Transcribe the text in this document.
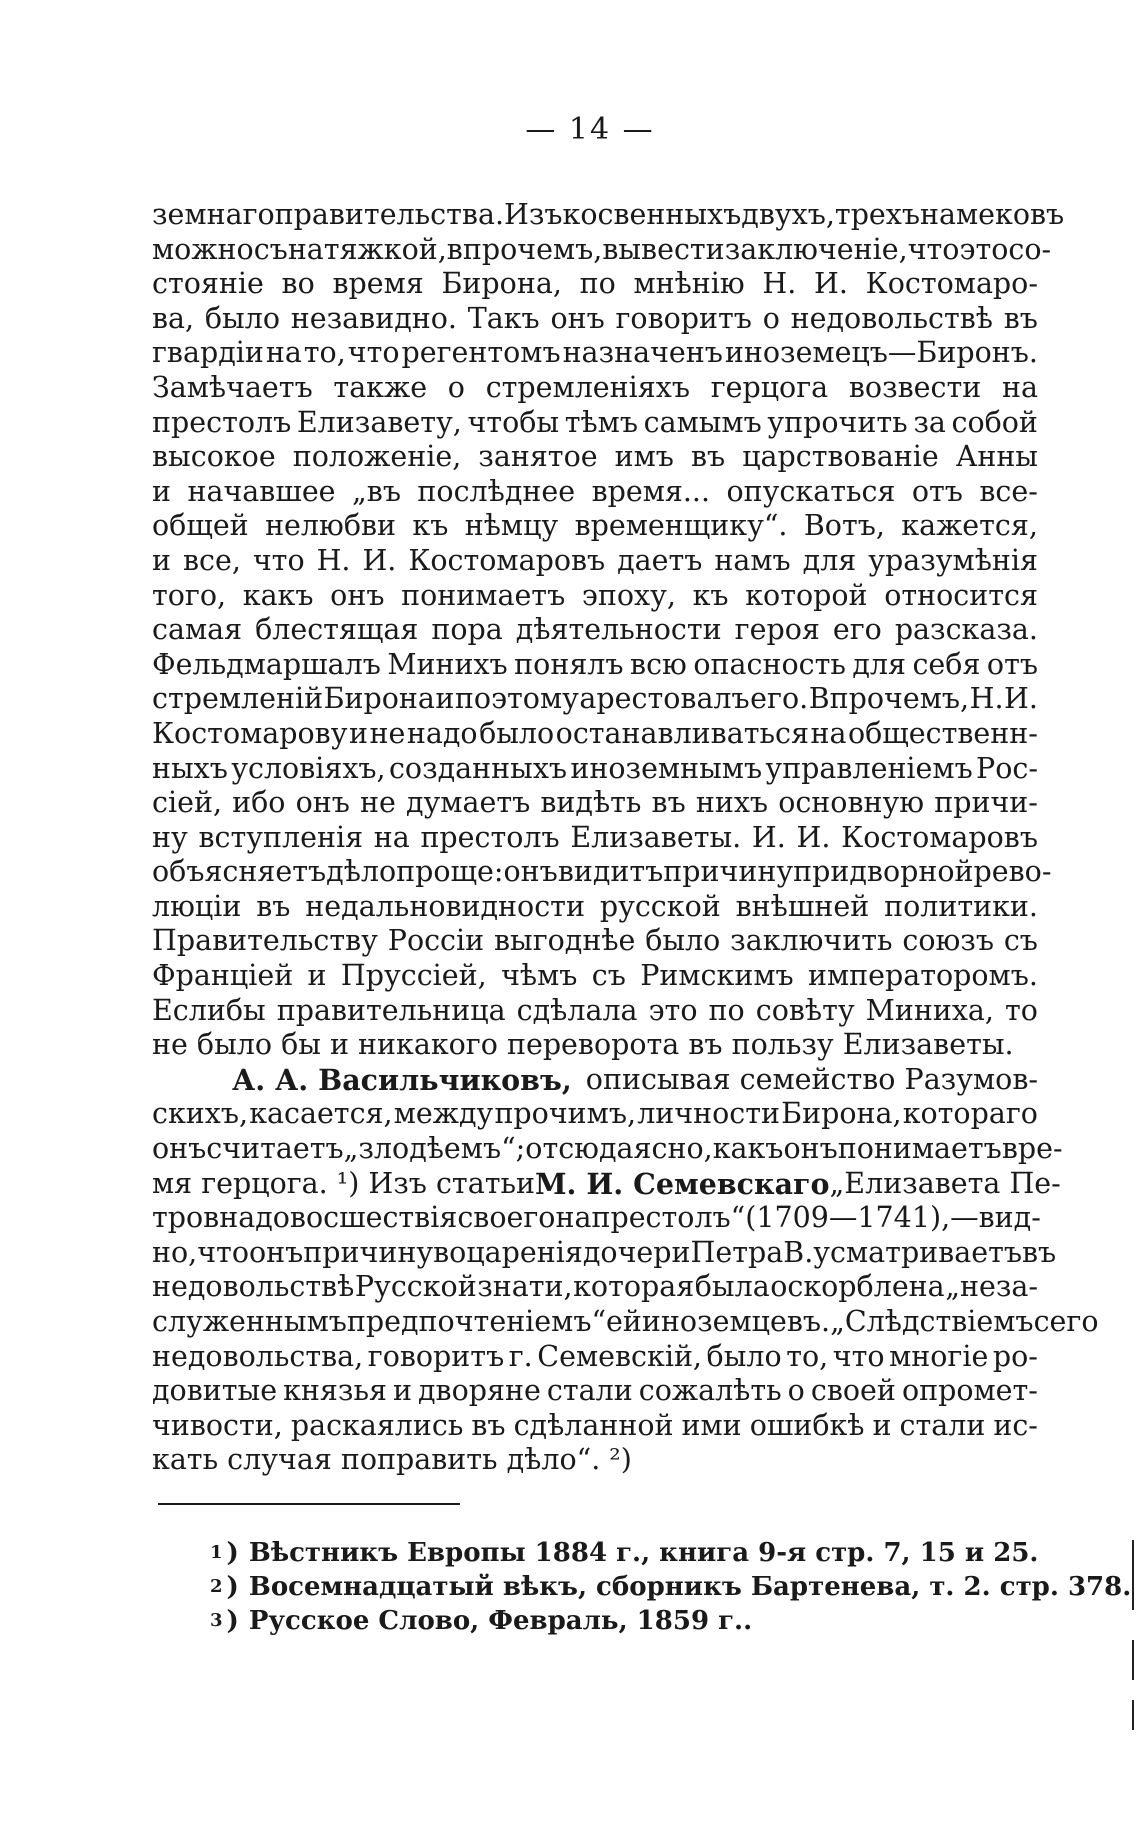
— 14 —
земнаго правительства. Изъ косвенныхъ двухъ, трехъ намековъ
можно съ натяжкой, впрочемъ, вывести заключеніе, что это со-
стояніе во время Бирона, по мнѣнію Н. И. Костомаро-
ва, было незавидно. Такъ онъ говоритъ о недовольствѣ въ
гвардіи на то, что регентомъ назначенъ иноземецъ—Биронъ.
Замѣчаетъ также о стремленіяхъ герцога возвести на
престолъ Елизавету, чтобы тѣмъ самымъ упрочить за собой
высокое положеніе, занятое имъ въ царствованіе Анны
и начавшее „въ послѣднее время... опускаться отъ все-
общей нелюбви къ нѣмцу временщику“. Вотъ, кажется,
и все, что Н. И. Костомаровъ даетъ намъ для уразумѣнія
того, какъ онъ понимаетъ эпоху, къ которой относится
самая блестящая пора дѣятельности героя его разсказа.
Фельдмаршалъ Минихъ понялъ всю опасность для себя отъ
стремленій Бирона и поэтому арестовалъ его. Впрочемъ, Н. И.
Костомарову и не надо было останавливаться на общественн-
ныхъ условіяхъ, созданныхъ иноземнымъ управленіемъ Рос-
сіей, ибо онъ не думаетъ видѣть въ нихъ основную причи-
ну вступленія на престолъ Елизаветы. И. И. Костомаровъ
объясняетъ дѣло проще: онъ видитъ причину придворной рево-
люціи въ недальновидности русской внѣшней политики.
Правительству Россіи выгоднѣе было заключить союзъ съ
Франціей и Пруссіей, чѣмъ съ Римскимъ императоромъ.
Еслибы правительница сдѣлала это по совѣту Миниха, то
не было бы и никакого переворота въ пользу Елизаветы.
А. А. Васильчиковъ, описывая семейство Разумов-
скихъ, касается, между прочимъ, личности Бирона, котораго
онъ считаетъ „злодѣемъ“; отсюда ясно, какъ онъ понимаетъ вре-
мя герцога. ¹) Изъ статьи М. И. Семевскаго „Елизавета Пе-
тровна до восшествія своего на престолъ“ (1709—1741),—вид-
но, что онъ причину воцаренія дочери Петра В. усматриваетъ въ
недовольствѣ Русской знати, которая была оскорблена „неза-
служеннымъ предпочтеніемъ“ ей иноземцевъ. „Слѣдствіемъ сего
недовольства, говоритъ г. Семевскій, было то, что многіе ро-
довитые князья и дворяне стали сожалѣть о своей опромет-
чивости, раскаялись въ сдѣланной ими ошибкѣ и стали ис-
кать случая поправить дѣло“. ²)
1 ) Вѣстникъ Европы 1884 г., книга 9-я стр. 7, 15 и 25.
2 ) Восемнадцатый вѣкъ, сборникъ Бартенева, т. 2. стр. 378.
3 ) Русское Слово, Февраль, 1859 г..
